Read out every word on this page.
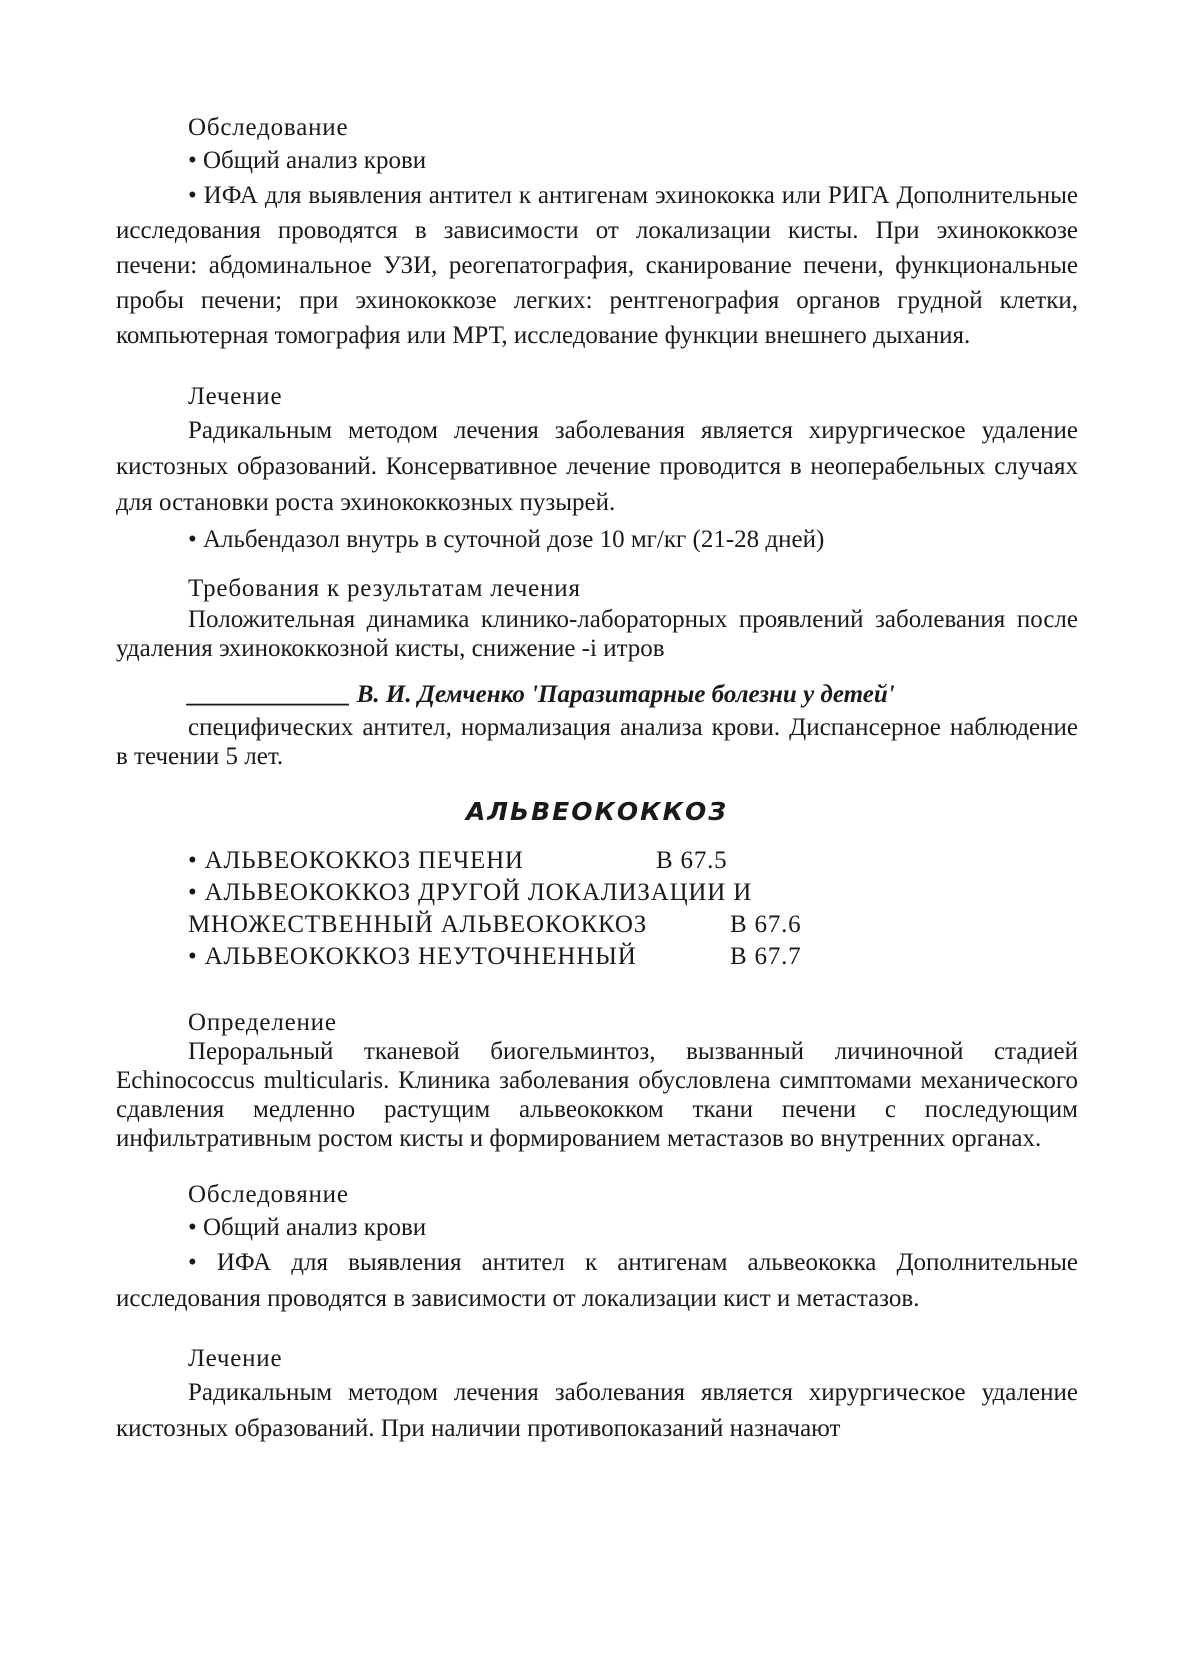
Обследование

• Общий анализ крови

• ИФА для выявления антител к антигенам эхинококка или РИГА Дополнительные исследования проводятся в зависимости от локализации кисты. При эхинококкозе печени: абдоминальное УЗИ, реогепатография, сканирование печени, функциональные пробы печени; при эхинококкозе легких: рентгенография органов грудной клетки, компьютерная томография или МРТ, исследование функции внешнего дыхания.

Лечение

Радикальным методом лечения заболевания является хирургическое удаление кистозных образований. Консервативное лечение проводится в неоперабельных случаях для остановки роста эхинококкозных пузырей.

• Альбендазол внутрь в суточной дозе 10 мг/кг (21-28 дней)

Требования к результатам лечения

Положительная динамика клинико-лабораторных проявлений заболевания после удаления эхинококкозной кисты, снижение -i итров

_____________ В. И. Демченко 'Паразитарные болезни у детей'

специфических антител, нормализация анализа крови. Диспансерное наблюдение в течении 5 лет.

АЛЬВЕОКОККОЗ

• АЛЬВЕОКОККОЗ ПЕЧЕНИ	В 67.5
• АЛЬВЕОКОККОЗ ДРУГОЙ ЛОКАЛИЗАЦИИ И
МНОЖЕСТВЕННЫЙ АЛЬВЕОКОККОЗ	В 67.6
• АЛЬВЕОКОККОЗ НЕУТОЧНЕННЫЙ	В 67.7

Определение

Пероральный тканевой биогельминтоз, вызванный личиночной стадией Echinococcus multicularis. Клиника заболевания обусловлена симптомами механического сдавления медленно растущим альвеококком ткани печени с последующим инфильтративным ростом кисты и формированием метастазов во внутренних органах.

Обследовяние

• Общий анализ крови

• ИФА для выявления антител к антигенам альвеококка Дополнительные исследования проводятся в зависимости от локализации кист и метастазов.

Лечение

Радикальным методом лечения заболевания является хирургическое удаление кистозных образований. При наличии противопоказаний назначают
